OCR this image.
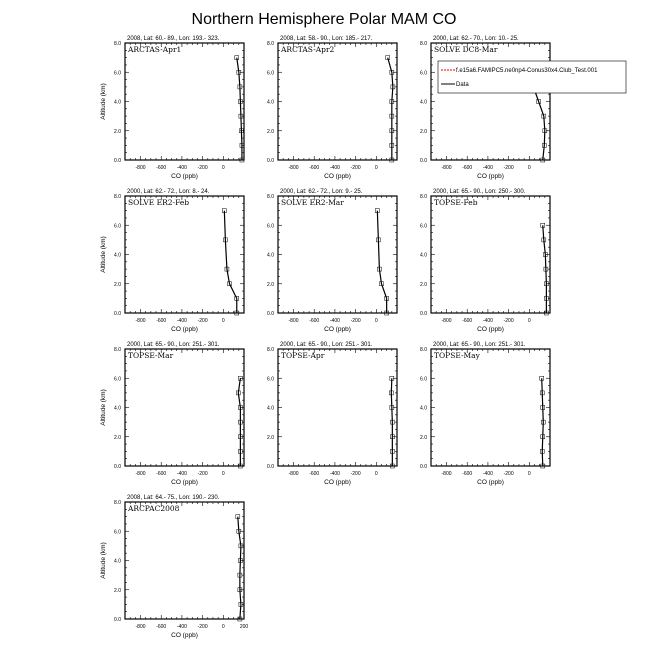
Northern Hemisphere Polar MAM CO
2008, Lat: 60.- 89., Lon: 193.- 323.
0.0
2.0
4.0
6.0
8.0
-800 -600 -400 -200	0
CO (ppb)
Altitude (km)
ARCTAS-Apr1
2008, Lat: 58.- 90., Lon: 185.- 217.
0.0
2.0
4.0
6.0
8.0
-800 -600 -400 -200	0
CO (ppb)
ARCTAS-Apr2
2000, Lat: 62.- 70., Lon: 10.- 25.
0.0
2.0
4.0
6.0
8.0
-800 -600 -400 -200	0
CO (ppb)
SOLVE DC8-Mar
2000, Lat: 62.- 72., Lon: 8.- 24.
0.0
2.0
4.0
6.0
8.0
-800 -600 -400 -200	0
CO (ppb)
Altitude (km)
SOLVE ER2-Feb
2000, Lat: 62.- 72., Lon: 9.- 25.
0.0
2.0
4.0
6.0
8.0
-800 -600 -400 -200	0
CO (ppb)
SOLVE ER2-Mar
2000, Lat: 65.- 90., Lon: 250.- 300.
0.0
2.0
4.0
6.0
8.0
-800 -600 -400 -200	0
CO (ppb)
TOPSE-Feb
2000, Lat: 65.- 90., Lon: 251.- 301.
0.0
2.0
4.0
6.0
8.0
-800 -600 -400 -200	0
CO (ppb)
Altitude (km)
TOPSE-Mar
2000, Lat: 65.- 90., Lon: 251.- 301.
0.0
2.0
4.0
6.0
8.0
-800 -600 -400 -200	0
CO (ppb)
TOPSE-Apr
2000, Lat: 65.- 90., Lon: 251.- 301.
0.0
2.0
4.0
6.0
8.0
-800 -600 -400 -200	0
CO (ppb)
TOPSE-May
2008, Lat: 64.- 75., Lon: 190.- 230.
0.0
2.0
4.0
6.0
8.0
-800 -600 -400 -200	0	200
CO (ppb)
Altitude (km)
ARCPAC2008
f.e15a6.FAMIPC5.ne0np4-Conus30x4.Club_Test.001
Data
